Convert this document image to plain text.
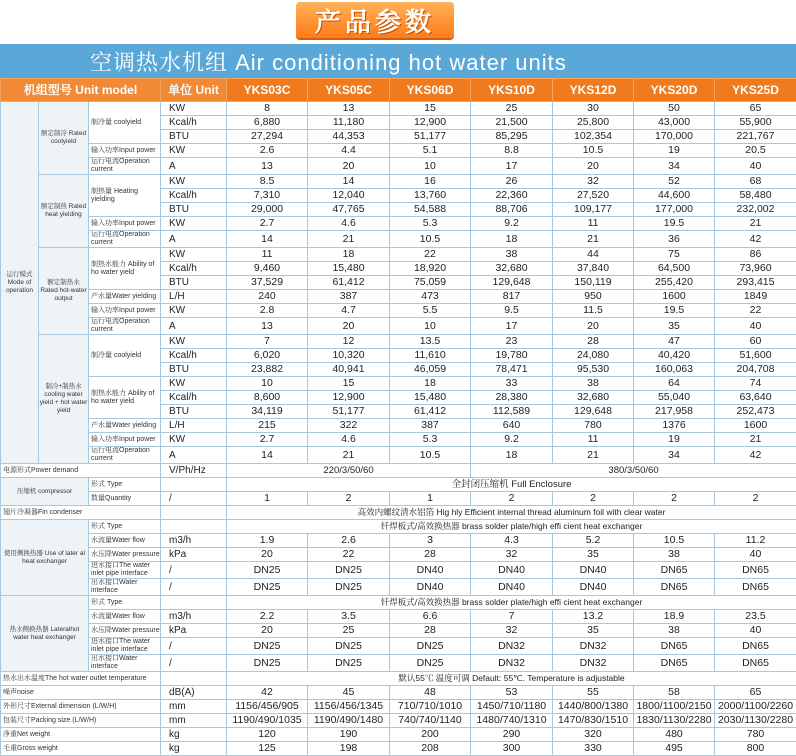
产品参数
空调热水机组 Air conditioning hot water units
机组型号 Unit model			单位 Unit	YKS03C	YKS05C	YKS06D	YKS10D	YKS12D	YKS20D	YKS25D
运行模式 Mode of operation	额定制冷 Rated coolyield	制冷量 coolyield	KW	8	13	15	25	30	50	65
			Kcal/h	6,880	11,180	12,900	21,500	25,800	43,000	55,900
			BTU	27,294	44,353	51,177	85,295	102,354	170,000	221,767
		输入功率Input power	KW	2.6	4.4	5.1	8.8	10.5	19	20.5
		运行电流Operation current	A	13	20	10	17	20	34	40
	额定制热 Rated heat yielding	制热量 Heating yielding	KW	8.5	14	16	26	32	52	68
			Kcal/h	7,310	12,040	13,760	22,360	27,520	44,600	58,480
			BTU	29,000	47,765	54,588	88,706	109,177	177,000	232,002
		输入功率Input power	KW	2.7	4.6	5.3	9.2	11	19.5	21
		运行电流Operation current	A	14	21	10.5	18	21	36	42
	额定制热水 Rated hot-water output	制热水能力 Ability of ho water yield	KW	11	18	22	38	44	75	86
			Kcal/h	9,460	15,480	18,920	32,680	37,840	64,500	73,960
			BTU	37,529	61,412	75,059	129,648	150,119	255,420	293,415
		产水量Water yielding	L/H	240	387	473	817	950	1600	1849
		输入功率Input power	KW	2.8	4.7	5.5	9.5	11.5	19.5	22
		运行电流Operation current	A	13	20	10	17	20	35	40
	制冷+制热水 cooling water yield + hot water yield	制冷量 coolyield	KW	7	12	13.5	23	28	47	60
			Kcal/h	6,020	10,320	11,610	19,780	24,080	40,420	51,600
			BTU	23,882	40,941	46,059	78,471	95,530	160,063	204,708
		制热水能力 Ability of ho water yield	KW	10	15	18	33	38	64	74
			Kcal/h	8,600	12,900	15,480	28,380	32,680	55,040	63,640
			BTU	34,119	51,177	61,412	112,589	129,648	217,958	252,473
		产水量Water yielding	L/H	215	322	387	640	780	1376	1600
		输入功率Input power	KW	2.7	4.6	5.3	9.2	11	19	21
		运行电流Operation current	A	14	21	10.5	18	21	34	42
电源形式Power demand			V/Ph/Hz	220/3/50/60			380/3/50/60			
压缩机 compressor		形式 Type		全封闭压缩机 Full Enclosure						
		数量Quantity	/	1	2	1	2	2	2	2
翅片冷凝器Fin condenser				高效内螺纹清水铝箔 Hig hly Efficient internal thread aluminum foil with clear water						
使用侧换热器 Use of later al heat exchanger		形式 Type		钎焊板式/高效换热器 brass solder plate/high effi cient heat exchanger						
		水流量Water flow	m3/h	1.9	2.6	3	4.3	5.2	10.5	11.2
		水压降Water pressure	kPa	20	22	28	32	35	38	40
		进水接口The water inlet pipe interface	/	DN25	DN25	DN40	DN40	DN40	DN65	DN65
		出水接口Water interface	/	DN25	DN25	DN40	DN40	DN40	DN65	DN65
热水侧换热器 Lateralhot water heat exchanger		形式 Type		钎焊板式/高效换热器 brass solder plate/high effi cient heat exchanger						
		水流量Water flow	m3/h	2.2	3.5	6.6	7	13.2	18.9	23.5
		水压降Water pressure	kPa	20	25	28	32	35	38	40
		进水接口The water inlet pipe interface	/	DN25	DN25	DN25	DN32	DN32	DN65	DN65
		出水接口Water interface	/	DN25	DN25	DN25	DN32	DN32	DN65	DN65
热水出水温度The hot water outlet temperature				默认55℃ 温度可调 Default: 55℃. Temperature is adjustable						
噪声noise			dB(A)	42	45	48	53	55	58	65
外形尺寸External dimension (L/W/H)			mm	1156/456/905	1156/456/1345	710/710/1010	1450/710/1180	1440/800/1380	1800/1100/2150	2000/1100/2260
包装尺寸Packing size (L/W/H)			mm	1190/490/1035	1190/490/1480	740/740/1140	1480/740/1310	1470/830/1510	1830/1130/2280	2030/1130/2280
净重Net weight			kg	120	190	200	290	320	480	780
毛重Gross weight			kg	125	198	208	300	330	495	800
